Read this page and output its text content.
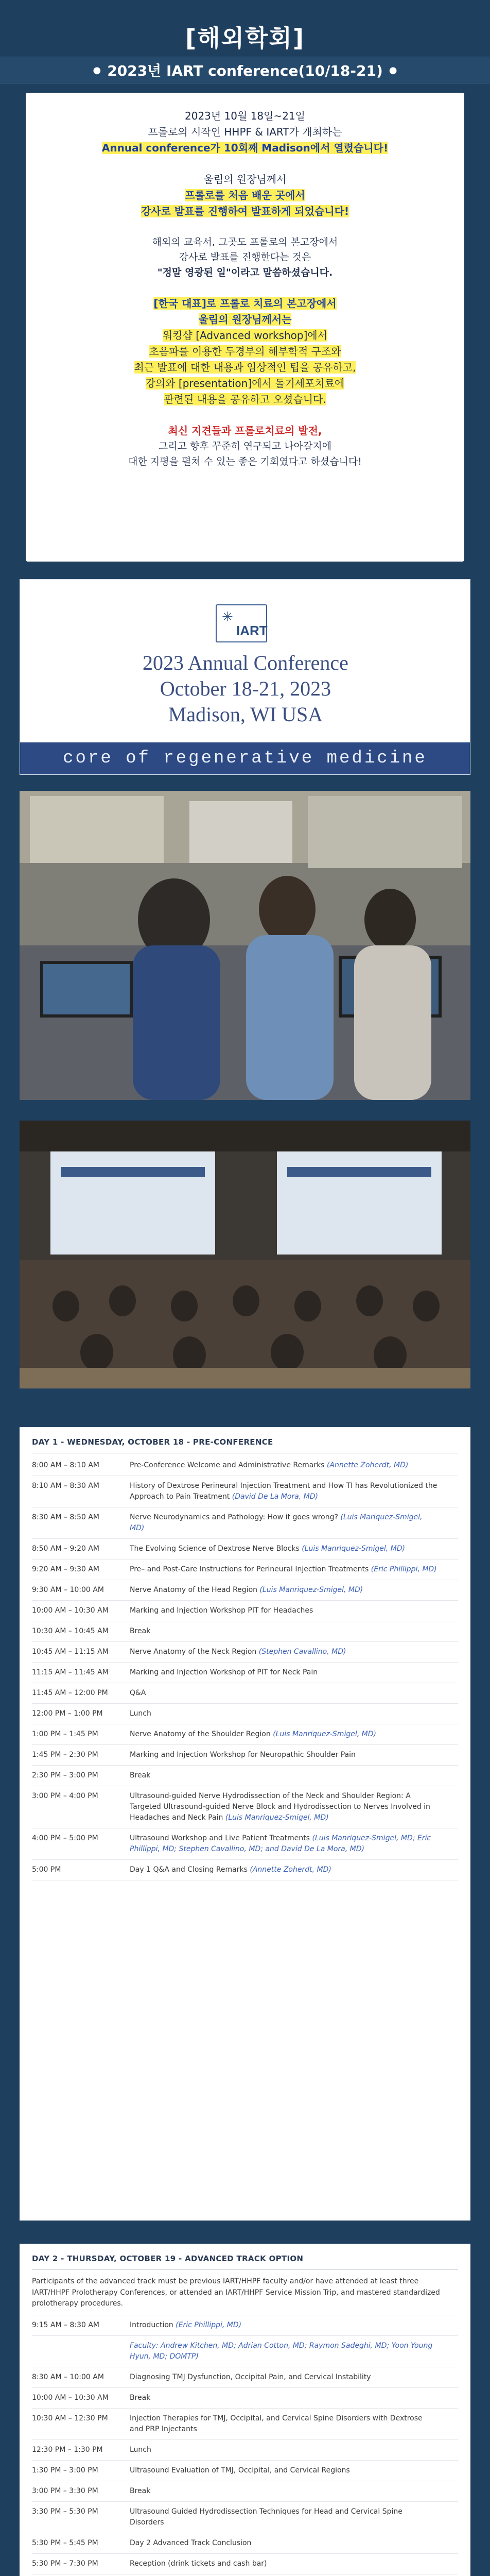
[해외학회]
● 2023년 IART conference(10/18-21) ●

2023년 10월 18일~21일

프롤로의 시작인 HHPF & IART가 개최하는

Annual conference가 10회째 Madison에서 열렸습니다!

울림의 원장님께서

프롤로를 처음 배운 곳에서

강사로 발표를 진행하여 발표하게 되었습니다!

해외의 교육서, 그곳도 프롤로의 본고장에서

강사로 발표를 진행한다는 것은

"정말 영광된 일"이라고 말씀하셨습니다.

[한국 대표]로 프롤로 치료의 본고장에서

울림의 원장님께서는

워킹샵 [Advanced workshop]에서

초음파를 이용한 두경부의 해부학적 구조와

최근 발표에 대한 내용과 임상적인 팁을 공유하고,

강의와 [presentation]에서 돌기세포치료에

관련된 내용을 공유하고 오셨습니다.

최신 지견들과 프롤로치료의 발전,

그리고 향후 꾸준히 연구되고 나아갈지에

대한 지평을 펼쳐 수 있는 좋은 기회였다고 하셨습니다!

✳
IART
2023 Annual Conference
October 18-21, 2023
Madison, WI USA
core of regenerative medicine
DAY 1 - WEDNESDAY, OCTOBER 18 - PRE-CONFERENCE
8:00 AM – 8:10 AM	Pre-Conference Welcome and Administrative Remarks (Annette Zoherdt, MD)
8:10 AM – 8:30 AM	History of Dextrose Perineural Injection Treatment and How TI has Revolutionized the Approach to Pain Treatment (David De La Mora, MD)
8:30 AM – 8:50 AM	Nerve Neurodynamics and Pathology: How it goes wrong? (Luis Mariquez-Smigel, MD)
8:50 AM – 9:20 AM	The Evolving Science of Dextrose Nerve Blocks (Luis Manriquez-Smigel, MD)
9:20 AM – 9:30 AM	Pre– and Post-Care Instructions for Perineural Injection Treatments (Eric Phillippi, MD)
9:30 AM – 10:00 AM	Nerve Anatomy of the Head Region (Luis Manriquez-Smigel, MD)
10:00 AM – 10:30 AM	Marking and Injection Workshop PIT for Headaches
10:30 AM – 10:45 AM	Break
10:45 AM – 11:15 AM	Nerve Anatomy of the Neck Region (Stephen Cavallino, MD)
11:15 AM – 11:45 AM	Marking and Injection Workshop of PIT for Neck Pain
11:45 AM – 12:00 PM	Q&A
12:00 PM – 1:00 PM	Lunch
1:00 PM – 1:45 PM	Nerve Anatomy of the Shoulder Region (Luis Manriquez-Smigel, MD)
1:45 PM – 2:30 PM	Marking and Injection Workshop for Neuropathic Shoulder Pain
2:30 PM – 3:00 PM	Break
3:00 PM – 4:00 PM	Ultrasound-guided Nerve Hydrodissection of the Neck and Shoulder Region: A Targeted Ultrasound-guided Nerve Block and Hydrodissection to Nerves Involved in Headaches and Neck Pain (Luis Manriquez-Smigel, MD)
4:00 PM – 5:00 PM	Ultrasound Workshop and Live Patient Treatments (Luis Manriquez-Smigel, MD; Eric Phillippi, MD; Stephen Cavallino, MD; and David De La Mora, MD)
5:00 PM	Day 1 Q&A and Closing Remarks (Annette Zoherdt, MD)
DAY 2 - THURSDAY, OCTOBER 19 - ADVANCED TRACK OPTION
Participants of the advanced track must be previous IART/HHPF faculty and/or have attended at least three IART/HHPF Prolotherapy Conferences, or attended an IART/HHPF Service Mission Trip, and mastered standardized prolotherapy procedures.
9:15 AM – 8:30 AM	Introduction (Eric Phillippi, MD)
Faculty: Andrew Kitchen, MD; Adrian Cotton, MD; Raymon Sadeghi, MD; Yoon Young Hyun, MD; DOMTP)
8:30 AM – 10:00 AM	Diagnosing TMJ Dysfunction, Occipital Pain, and Cervical Instability
10:00 AM – 10:30 AM	Break
10:30 AM – 12:30 PM	Injection Therapies for TMJ, Occipital, and Cervical Spine Disorders with Dextrose and PRP Injectants
12:30 PM – 1:30 PM	Lunch
1:30 PM – 3:00 PM	Ultrasound Evaluation of TMJ, Occipital, and Cervical Regions
3:00 PM – 3:30 PM	Break
3:30 PM – 5:30 PM	Ultrasound Guided Hydrodissection Techniques for Head and Cervical Spine Disorders
5:30 PM – 5:45 PM	Day 2 Advanced Track Conclusion
5:30 PM – 7:30 PM	Reception (drink tickets and cash bar)
